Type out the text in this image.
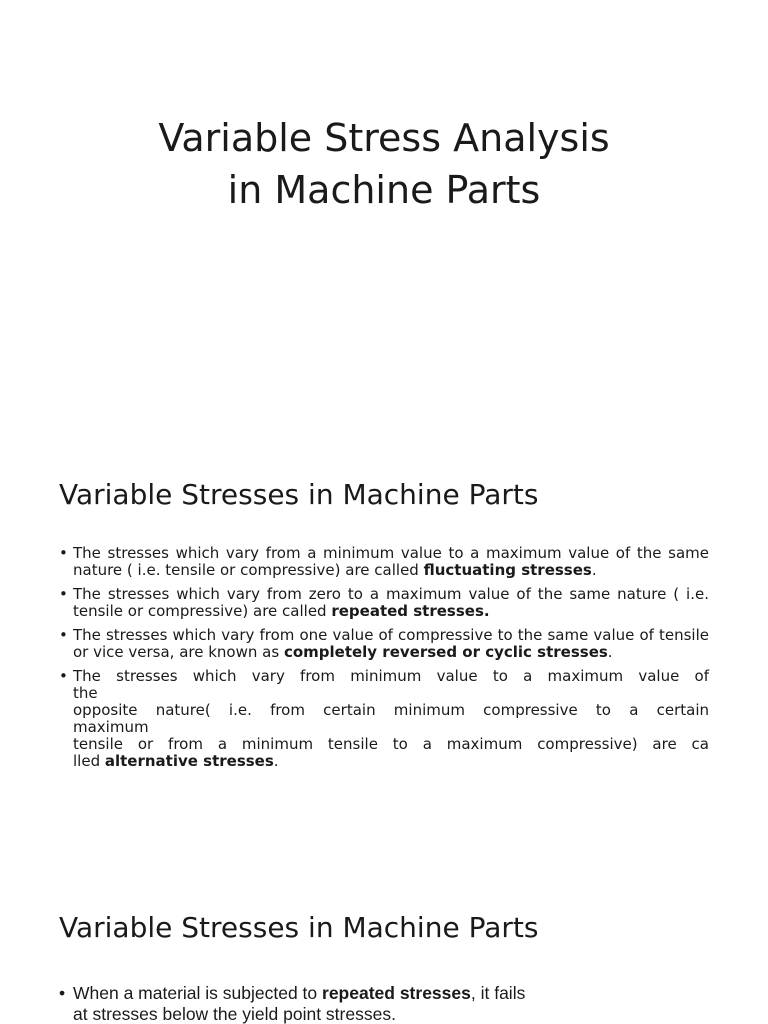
Variable Stress Analysis
in Machine Parts
Variable Stresses in Machine Parts
• The stresses which vary from a minimum value to a maximum value of the same nature ( i.e. tensile or compressive) are called fluctuating stresses.
• The stresses which vary from zero to a maximum value of the same nature ( i.e. tensile or compressive) are called repeated stresses.
• The stresses which vary from one value of compressive to the same value of tensile or vice versa, are known as completely reversed or cyclic stresses.
• The stresses which vary from minimum value to a maximum value of
the
opposite nature( i.e. from certain minimum compressive to a certain
maximum
tensile or from a minimum tensile to a maximum compressive) are ca
lled alternative stresses.
Variable Stresses in Machine Parts
• When a material is subjected to repeated stresses, it fails
at stresses below the yield point stresses.
